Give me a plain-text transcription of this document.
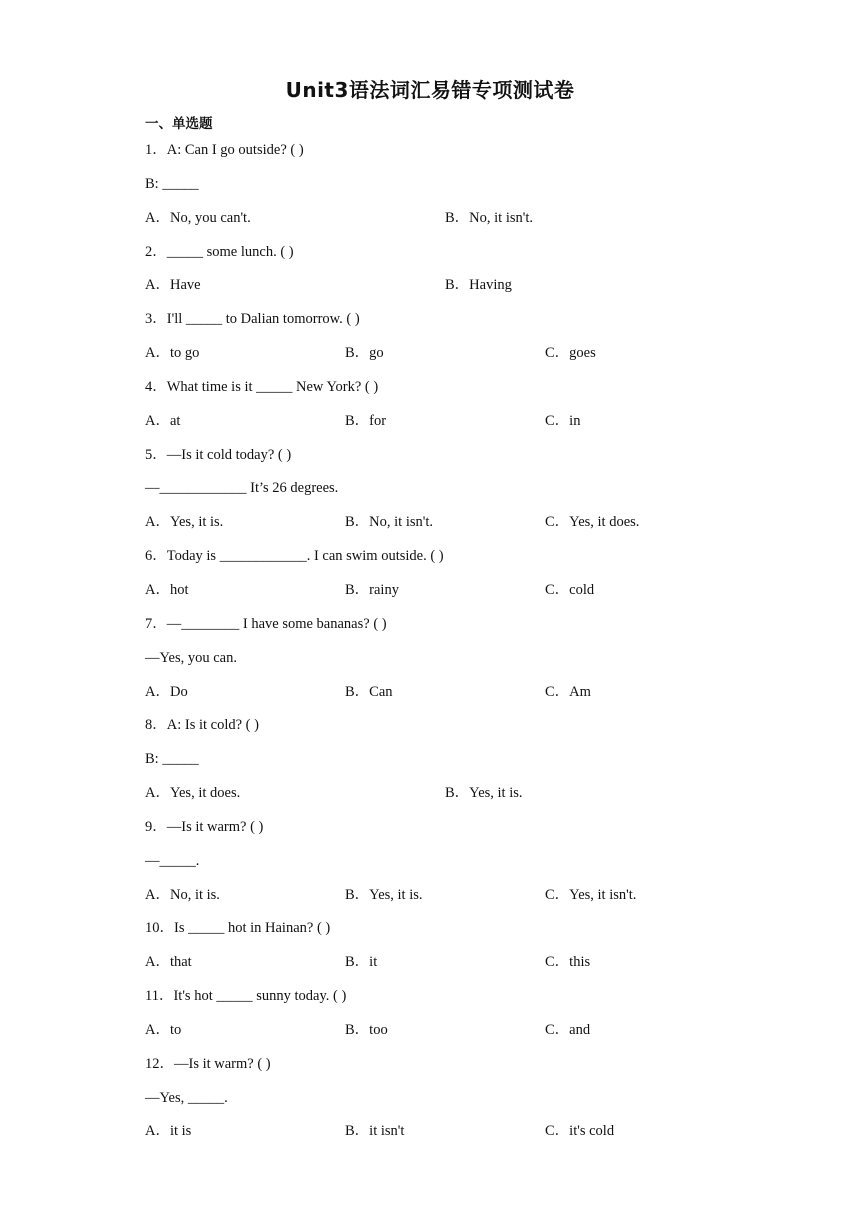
Unit3语法词汇易错专项测试卷
一、单选题
1．A: Can I go outside? ( )
B: _____
A．No, you can't.	B．No, it isn't.
2．_____ some lunch. ( )
A．Have	B．Having
3．I'll _____ to Dalian tomorrow. ( )
A．to go	B．go	C．goes
4．What time is it _____ New York? ( )
A．at	B．for	C．in
5．—Is it cold today? ( )
—____________ It’s 26 degrees.
A．Yes, it is.	B．No, it isn't.	C．Yes, it does.
6．Today is ____________. I can swim outside. ( )
A．hot	B．rainy	C．cold
7．—________ I have some bananas? ( )
—Yes, you can.
A．Do	B．Can	C．Am
8．A: Is it cold? ( )
B: _____
A．Yes, it does.	B．Yes, it is.
9．—Is it warm? ( )
—_____.
A．No, it is.	B．Yes, it is.	C．Yes, it isn't.
10．Is _____ hot in Hainan? ( )
A．that	B．it	C．this
11．It's hot _____ sunny today. ( )
A．to	B．too	C．and
12．—Is it warm? ( )
—Yes, _____.
A．it is	B．it isn't	C．it's cold
